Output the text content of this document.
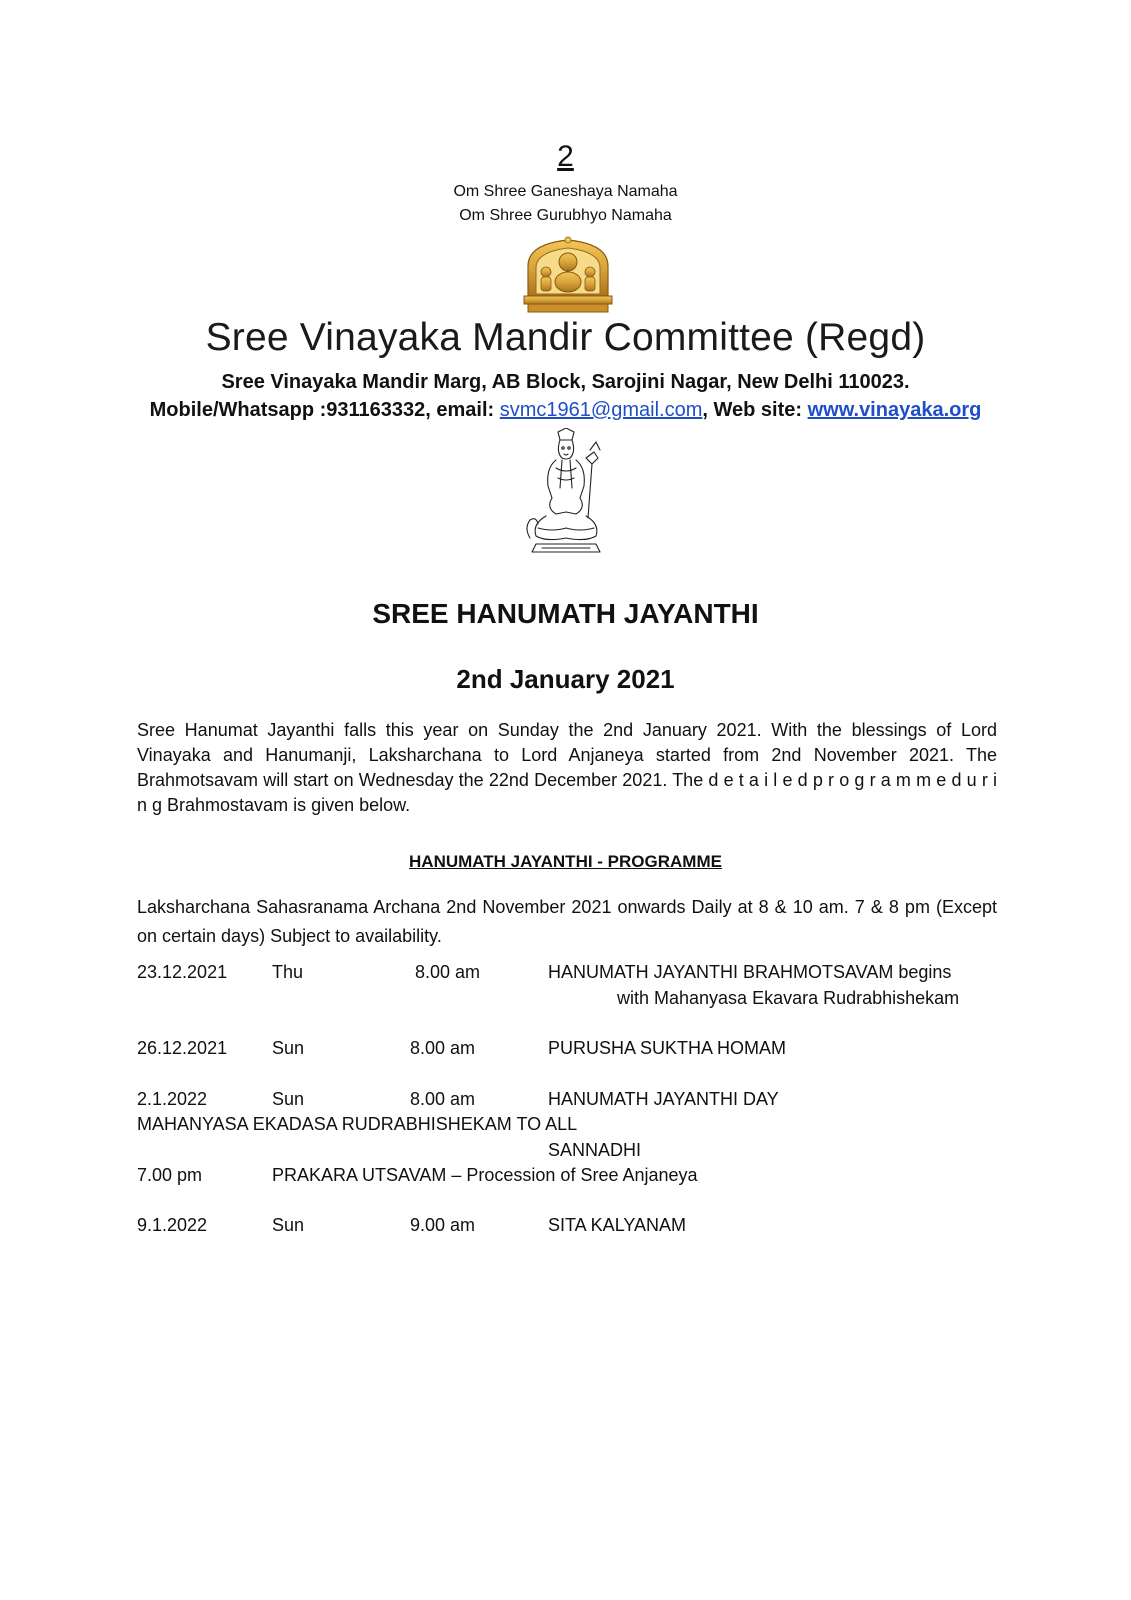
2
Om Shree Ganeshaya Namaha
Om Shree Gurubhyo Namaha
Sree Vinayaka Mandir Committee (Regd)
Sree Vinayaka Mandir Marg, AB Block, Sarojini Nagar, New Delhi 110023.
Mobile/Whatsapp :931163332, email: svmc1961@gmail.com, Web site: www.vinayaka.org
SREE HANUMATH JAYANTHI
2nd January 2021
Sree Hanumat Jayanthi falls this year on Sunday the 2nd January 2021. With the blessings of Lord Vinayaka and Hanumanji, Laksharchana to Lord Anjaneya started from 2nd November 2021. The Brahmotsavam will start on Wednesday the 22nd December 2021. The d e t a i l e d p r o g r a m m e d u r i n g Brahmostavam is given below.
HANUMATH JAYANTHI - PROGRAMME
Laksharchana Sahasranama Archana 2nd November 2021 onwards Daily at 8 & 10 am. 7 & 8 pm (Except on certain days) Subject to availability.
23.12.2021 Thu	8.00 am	HANUMATH JAYANTHI BRAHMOTSAVAM begins
with Mahanyasa Ekavara Rudrabhishekam
26.12.2021 Sun	8.00 am	PURUSHA SUKTHA HOMAM
2.1.2022	Sun	8.00 am	HANUMATH JAYANTHI DAY
MAHANYASA EKADASA RUDRABHISHEKAM TO ALL
SANNADHI
7.00 pm	PRAKARA UTSAVAM – Procession of Sree Anjaneya
9.1.2022	Sun	9.00 am	SITA KALYANAM
